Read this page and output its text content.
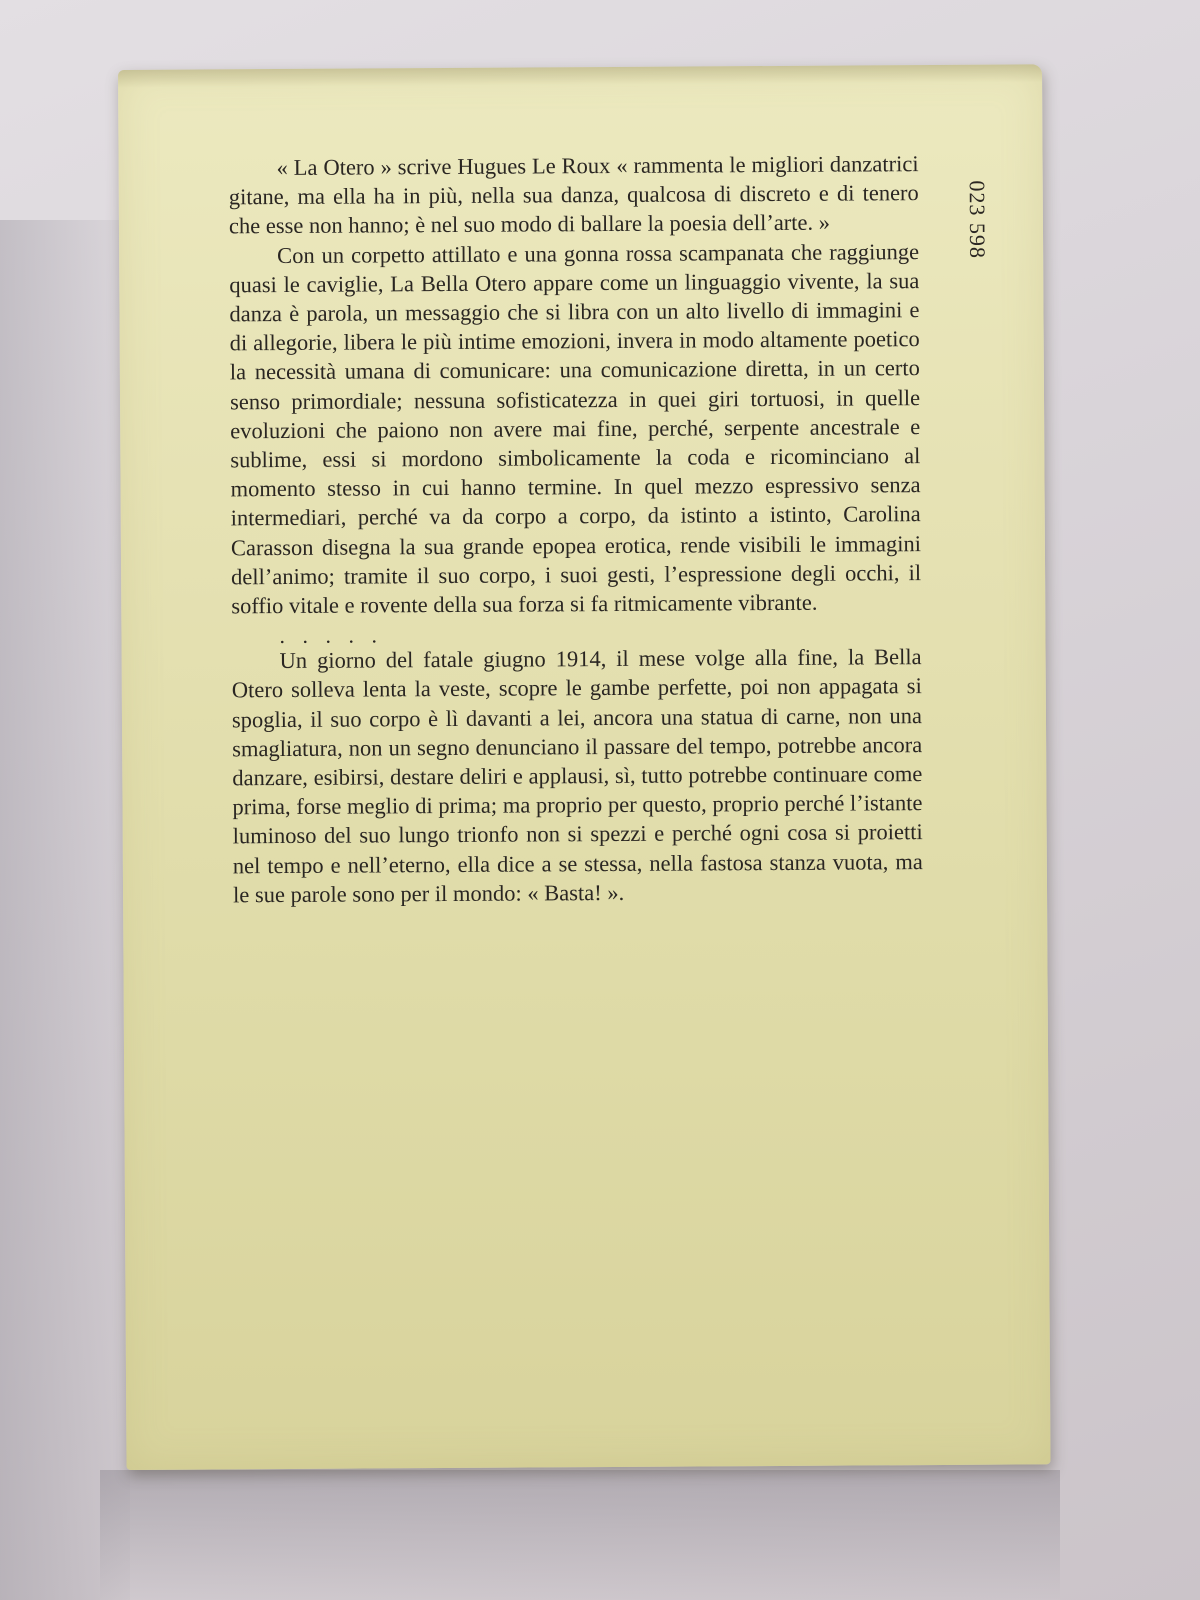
023 598

« La Otero » scrive Hugues Le Roux « rammenta le migliori danzatrici gitane, ma ella ha in più, nella sua danza, qualcosa di discreto e di tenero che esse non hanno; è nel suo modo di ballare la poesia dell’arte. »

Con un corpetto attillato e una gonna rossa scampanata che raggiunge quasi le caviglie, La Bella Otero appare come un linguaggio vivente, la sua danza è parola, un messaggio che si libra con un alto livello di immagini e di allegorie, libera le più intime emozioni, invera in modo altamente poetico la necessità umana di comunicare: una comunicazione diretta, in un certo senso primordiale; nessuna sofisticatezza in quei giri tortuosi, in quelle evoluzioni che paiono non avere mai fine, perché, serpente ancestrale e sublime, essi si mordono simbolicamente la coda e ricominciano al momento stesso in cui hanno termine. In quel mezzo espressivo senza intermediari, perché va da corpo a corpo, da istinto a istinto, Carolina Carasson disegna la sua grande epopea erotica, rende visibili le immagini dell’animo; tramite il suo corpo, i suoi gesti, l’espressione degli occhi, il soffio vitale e rovente della sua forza si fa ritmicamente vibrante.

. . . . .

Un giorno del fatale giugno 1914, il mese volge alla fine, la Bella Otero solleva lenta la veste, scopre le gambe perfette, poi non appagata si spoglia, il suo corpo è lì davanti a lei, ancora una statua di carne, non una smagliatura, non un segno denunciano il passare del tempo, potrebbe ancora danzare, esibirsi, destare deliri e applausi, sì, tutto potrebbe continuare come prima, forse meglio di prima; ma proprio per questo, proprio perché l’istante luminoso del suo lungo trionfo non si spezzi e perché ogni cosa si proietti nel tempo e nell’eterno, ella dice a se stessa, nella fastosa stanza vuota, ma le sue parole sono per il mondo: « Basta! ».
